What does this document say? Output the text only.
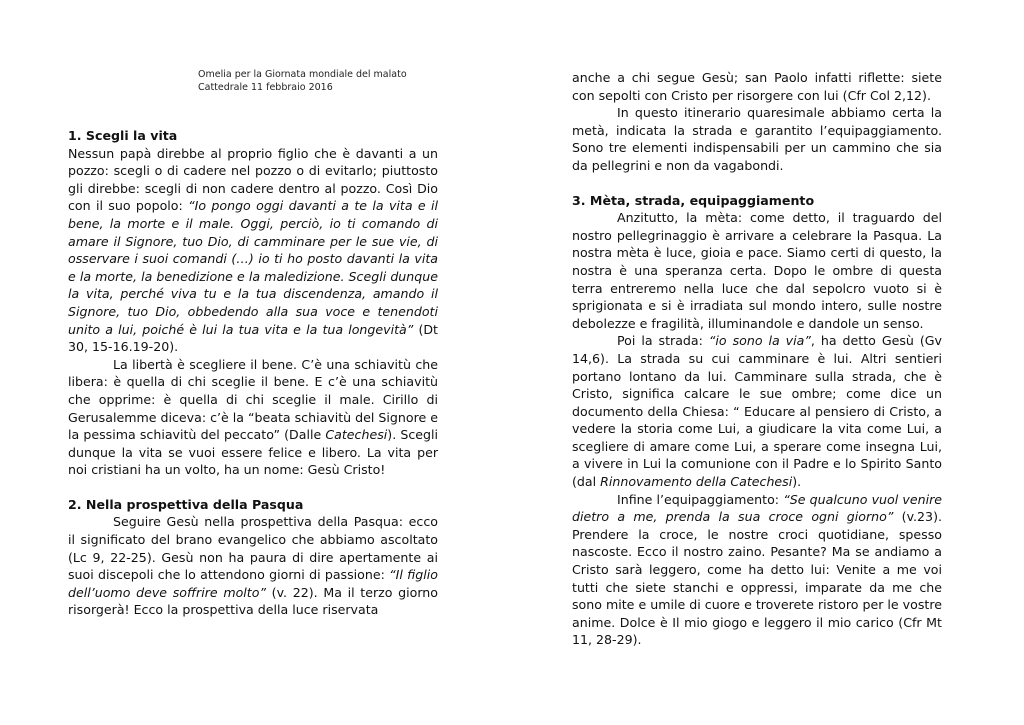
Omelia per la Giornata mondiale del malato
Cattedrale 11 febbraio 2016
1. Scegli la vita

Nessun papà direbbe al proprio figlio che è davanti a un pozzo: scegli o di cadere nel pozzo o di evitarlo; piuttosto gli direbbe: scegli di non cadere dentro al pozzo. Così Dio con il suo popolo: “Io pongo oggi davanti a te la vita e il bene, la morte e il male. Oggi, perciò, io ti comando di amare il Signore, tuo Dio, di camminare per le sue vie, di osservare i suoi comandi (…) io ti ho posto davanti la vita e la morte, la benedizione e la maledizione. Scegli dunque la vita, perché viva tu e la tua discendenza, amando il Signore, tuo Dio, obbedendo alla sua voce e tenendoti unito a lui, poiché è lui la tua vita e la tua longevità” (Dt 30, 15-16.19-20).

La libertà è scegliere il bene. C’è una schiavitù che libera: è quella di chi sceglie il bene. E c’è una schiavitù che opprime: è quella di chi sceglie il male. Cirillo di Gerusalemme diceva: c’è la “beata schiavitù del Signore e la pessima schiavitù del peccato” (Dalle Catechesi). Scegli dunque la vita se vuoi essere felice e libero. La vita per noi cristiani ha un volto, ha un nome: Gesù Cristo!

2. Nella prospettiva della Pasqua

Seguire Gesù nella prospettiva della Pasqua: ecco il significato del brano evangelico che abbiamo ascoltato (Lc 9, 22-25). Gesù non ha paura di dire apertamente ai suoi discepoli che lo attendono giorni di passione: “Il figlio dell’uomo deve soffrire molto” (v. 22). Ma il terzo giorno risorgerà! Ecco la prospettiva della luce riservata

anche a chi segue Gesù; san Paolo infatti riflette: siete con sepolti con Cristo per risorgere con lui (Cfr Col 2,12).

In questo itinerario quaresimale abbiamo certa la metà, indicata la strada e garantito l’equipaggiamento. Sono tre elementi indispensabili per un cammino che sia da pellegrini e non da vagabondi.

3. Mèta, strada, equipaggiamento

Anzitutto, la mèta: come detto, il traguardo del nostro pellegrinaggio è arrivare a celebrare la Pasqua. La nostra mèta è luce, gioia e pace. Siamo certi di questo, la nostra è una speranza certa. Dopo le ombre di questa terra entreremo nella luce che dal sepolcro vuoto si è sprigionata e si è irradiata sul mondo intero, sulle nostre debolezze e fragilità, illuminandole e dandole un senso.

Poi la strada: “io sono la via”, ha detto Gesù (Gv 14,6). La strada su cui camminare è lui. Altri sentieri portano lontano da lui. Camminare sulla strada, che è Cristo, significa calcare le sue ombre; come dice un documento della Chiesa: “ Educare al pensiero di Cristo, a vedere la storia come Lui, a giudicare la vita come Lui, a scegliere di amare come Lui, a sperare come insegna Lui, a vivere in Lui la comunione con il Padre e lo Spirito Santo (dal Rinnovamento della Catechesi).

Infine l’equipaggiamento: “Se qualcuno vuol venire dietro a me, prenda la sua croce ogni giorno” (v.23). Prendere la croce, le nostre croci quotidiane, spesso nascoste. Ecco il nostro zaino. Pesante? Ma se andiamo a Cristo sarà leggero, come ha detto lui: Venite a me voi tutti che siete stanchi e oppressi, imparate da me che sono mite e umile di cuore e troverete ristoro per le vostre anime. Dolce è Il mio giogo e leggero il mio carico (Cfr Mt 11, 28-29).
